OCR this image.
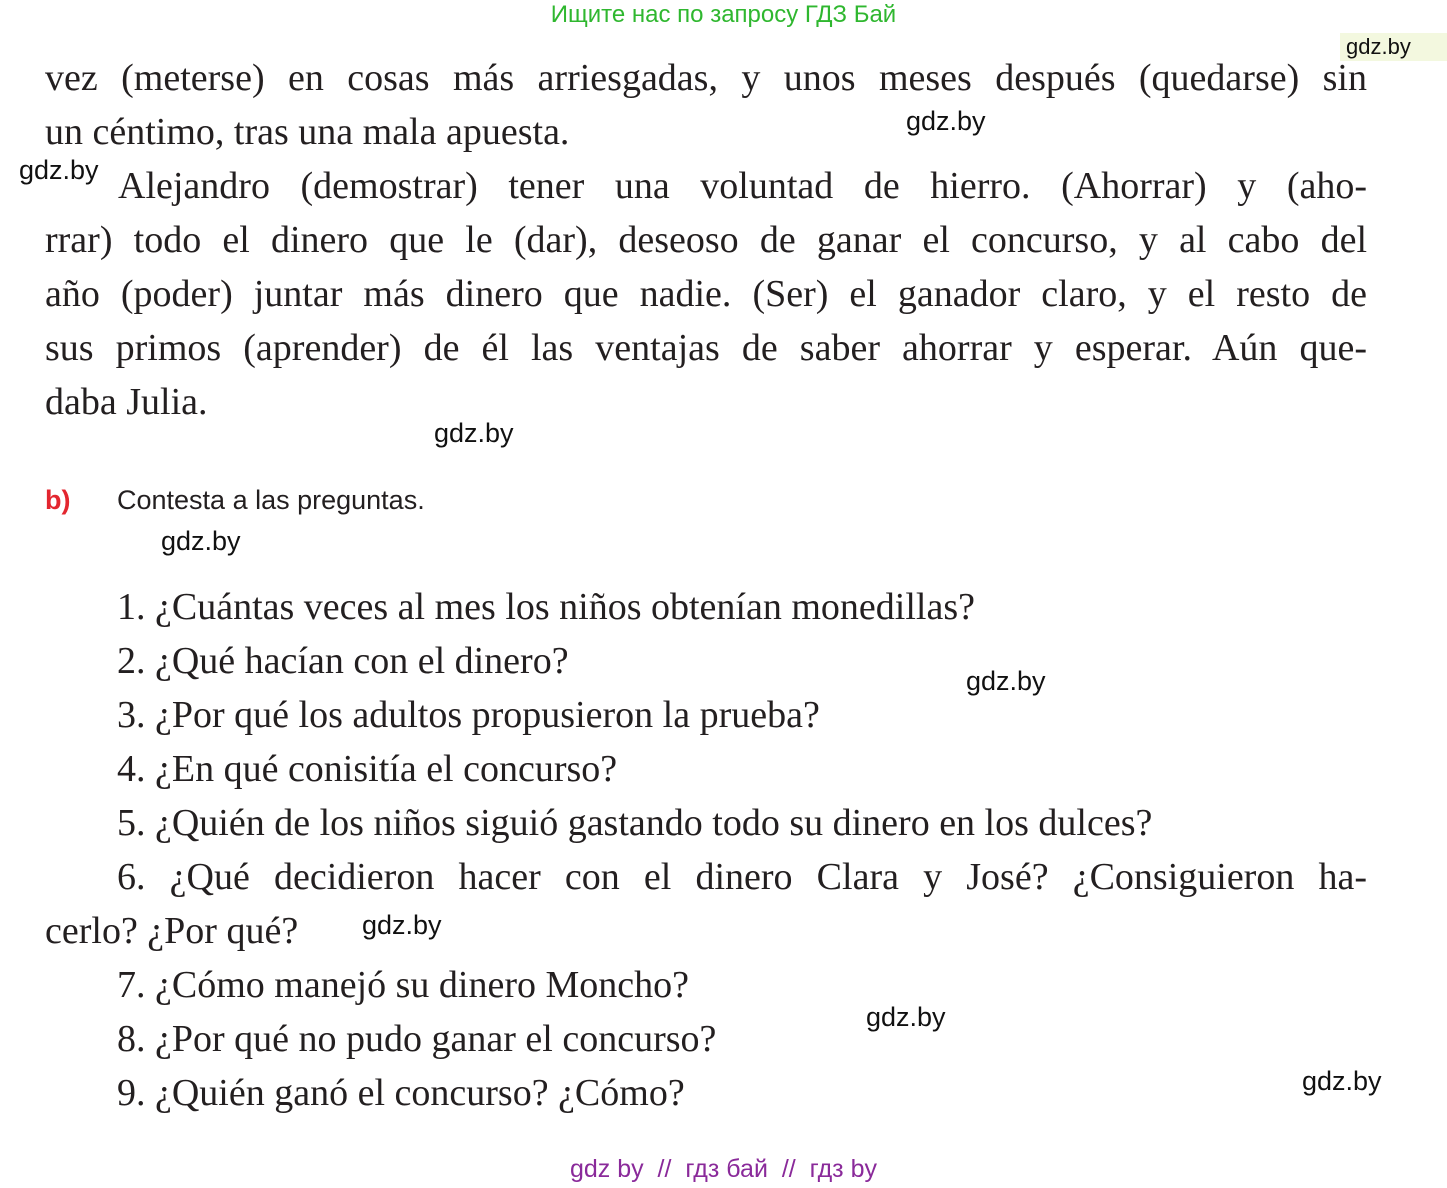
Ищите нас по запросу ГДЗ Бай
gdz.by
vez (meterse) en cosas más arriesgadas, y unos meses después (quedarse) sin
un céntimo, tras una mala apuesta.
Alejandro (demostrar) tener una voluntad de hierro. (Ahorrar) y (aho-
rrar) todo el dinero que le (dar), deseoso de ganar el concurso, y al cabo del
año (poder) juntar más dinero que nadie. (Ser) el ganador claro, y el resto de
sus primos (aprender) de él las ventajas de saber ahorrar y esperar. Aún que-
daba Julia.
b) Contesta a las preguntas.
1. ¿Cuántas veces al mes los niños obtenían monedillas?
2. ¿Qué hacían con el dinero?
3. ¿Por qué los adultos propusieron la prueba?
4. ¿En qué conisitía el concurso?
5. ¿Quién de los niños siguió gastando todo su dinero en los dulces?
6. ¿Qué decidieron hacer con el dinero Clara y José? ¿Consiguieron ha-
cerlo? ¿Por qué?
7. ¿Cómo manejó su dinero Moncho?
8. ¿Por qué no pudo ganar el concurso?
9. ¿Quién ganó el concurso? ¿Cómo?
gdz.by
gdz.by
gdz.by
gdz.by
gdz.by
gdz.by
gdz.by
gdz.by
gdz by  //  гдз бай  //  гдз by
